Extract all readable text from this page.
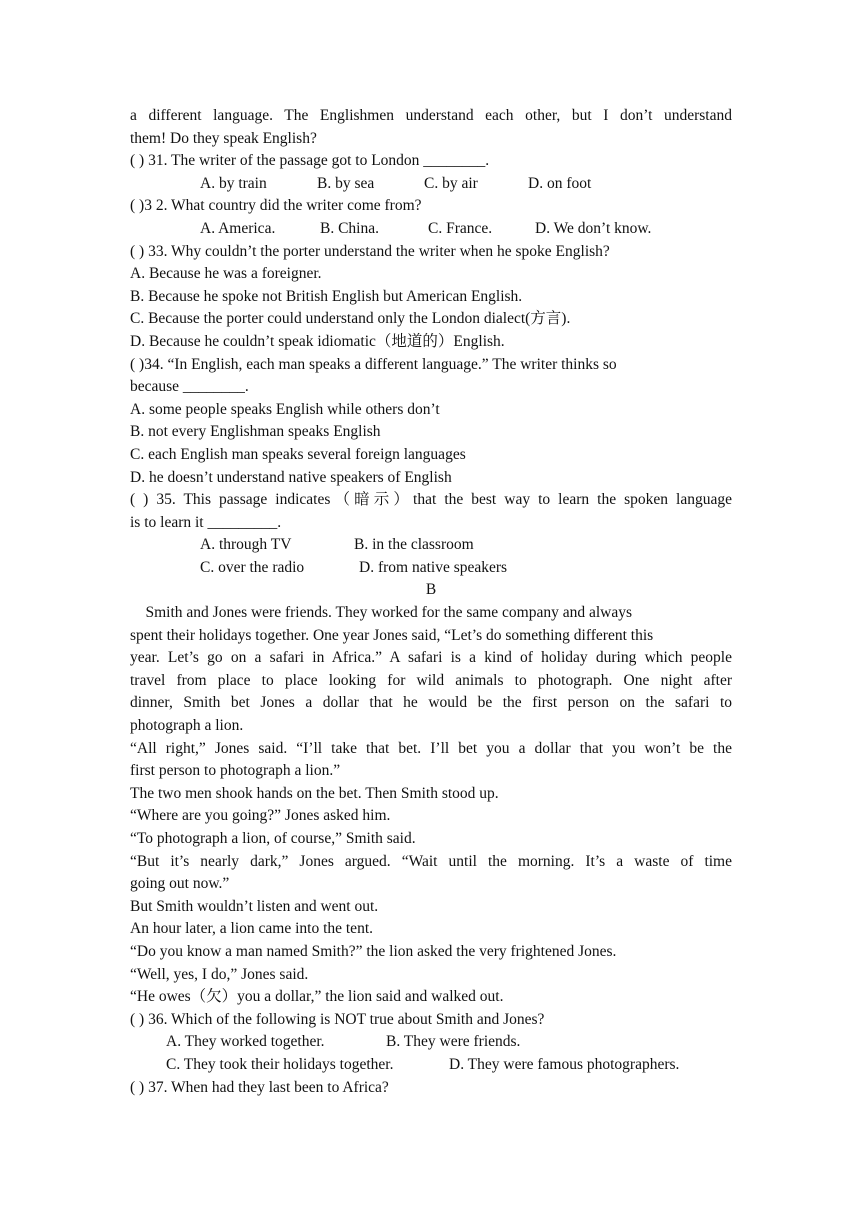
a different language. The Englishmen understand each other, but I don’t understand
them! Do they speak English?
( ) 31. The writer of the passage got to London ________.
A. by train	B. by sea	C. by air	D. on foot
( )3 2. What country did the writer come from?
A. America.	B. China.	C. France.	D. We don’t know.
( ) 33. Why couldn’t the porter understand the writer when he spoke English?
A. Because he was a foreigner.
B. Because he spoke not British English but American English.
C. Because the porter could understand only the London dialect(方言).
D. Because he couldn’t speak idiomatic（地道的）English.
( )34. “In English, each man speaks a different language.” The writer thinks so
because ________.
A. some people speaks English while others don’t
B. not every Englishman speaks English
C. each English man speaks several foreign languages
D. he doesn’t understand native speakers of English
( ) 35. This passage indicates（暗示）that the best way to learn the spoken language
is to learn it _________.
A. through TV	B. in the classroom
C. over the radio	D. from native speakers
B
Smith and Jones were friends. They worked for the same company and always
spent their holidays together. One year Jones said, “Let’s do something different this
year. Let’s go on a safari in Africa.” A safari is a kind of holiday during which people
travel from place to place looking for wild animals to photograph. One night after
dinner, Smith bet Jones a dollar that he would be the first person on the safari to
photograph a lion.
“All right,” Jones said. “I’ll take that bet. I’ll bet you a dollar that you won’t be the
first person to photograph a lion.”
The two men shook hands on the bet. Then Smith stood up.
“Where are you going?” Jones asked him.
“To photograph a lion, of course,” Smith said.
“But it’s nearly dark,” Jones argued. “Wait until the morning. It’s a waste of time
going out now.”
But Smith wouldn’t listen and went out.
An hour later, a lion came into the tent.
“Do you know a man named Smith?” the lion asked the very frightened Jones.
“Well, yes, I do,” Jones said.
“He owes（欠）you a dollar,” the lion said and walked out.
( ) 36. Which of the following is NOT true about Smith and Jones?
A. They worked together.	B. They were friends.
C. They took their holidays together.	D. They were famous photographers.
( ) 37. When had they last been to Africa?
